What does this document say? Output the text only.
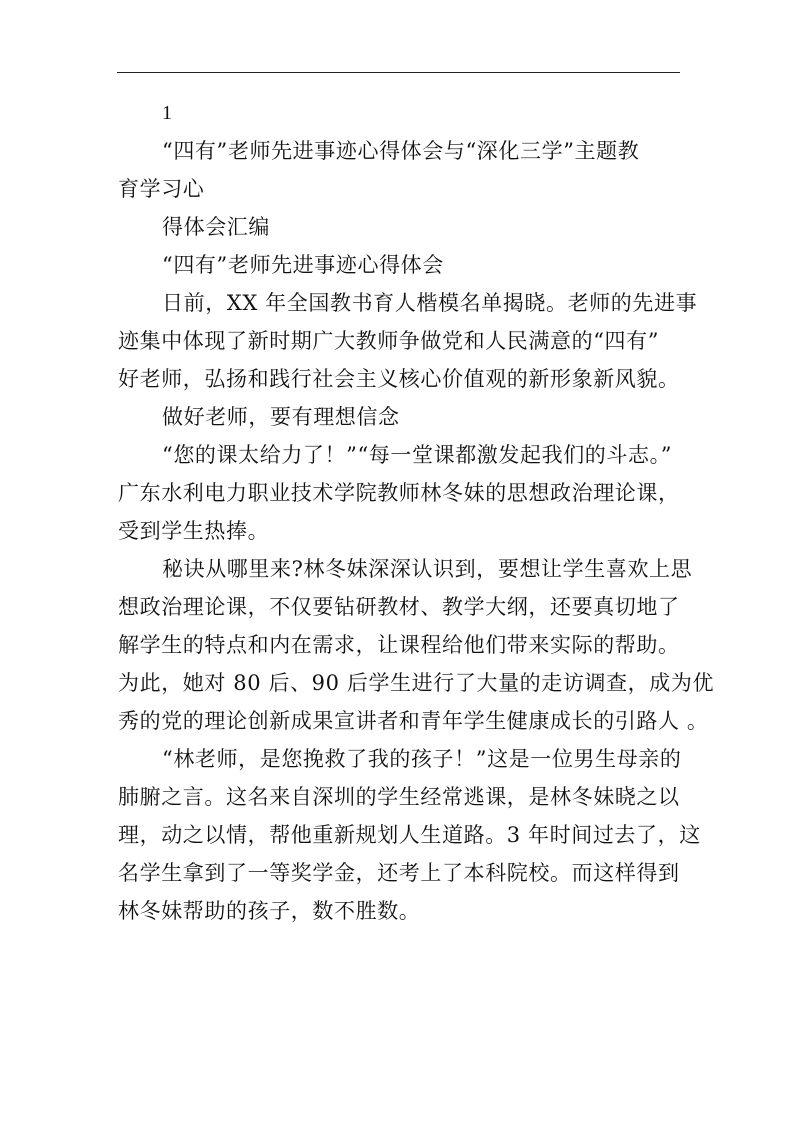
1
“四有”老师先进事迹心得体会与“深化三学”主题教
育学习心
得体会汇编
“四有”老师先进事迹心得体会
日前，XX 年全国教书育人楷模名单揭晓。老师的先进事
迹集中体现了新时期广大教师争做党和人民满意的“四有”
好老师，弘扬和践行社会主义核心价值观的新形象新风貌。
做好老师，要有理想信念
“您的课太给力了！”“每一堂课都激发起我们的斗志。”
广东水利电力职业技术学院教师林冬妹的思想政治理论课，
受到学生热捧。
秘诀从哪里来?林冬妹深深认识到，要想让学生喜欢上思
想政治理论课，不仅要钻研教材、教学大纲，还要真切地了
解学生的特点和内在需求，让课程给他们带来实际的帮助。
为此，她对 80 后、90 后学生进行了大量的走访调查，成为优
秀的党的理论创新成果宣讲者和青年学生健康成长的引路人 。
“林老师，是您挽救了我的孩子！”这是一位男生母亲的
肺腑之言。这名来自深圳的学生经常逃课，是林冬妹晓之以
理，动之以情，帮他重新规划人生道路。3 年时间过去了，这
名学生拿到了一等奖学金，还考上了本科院校。而这样得到
林冬妹帮助的孩子，数不胜数。
